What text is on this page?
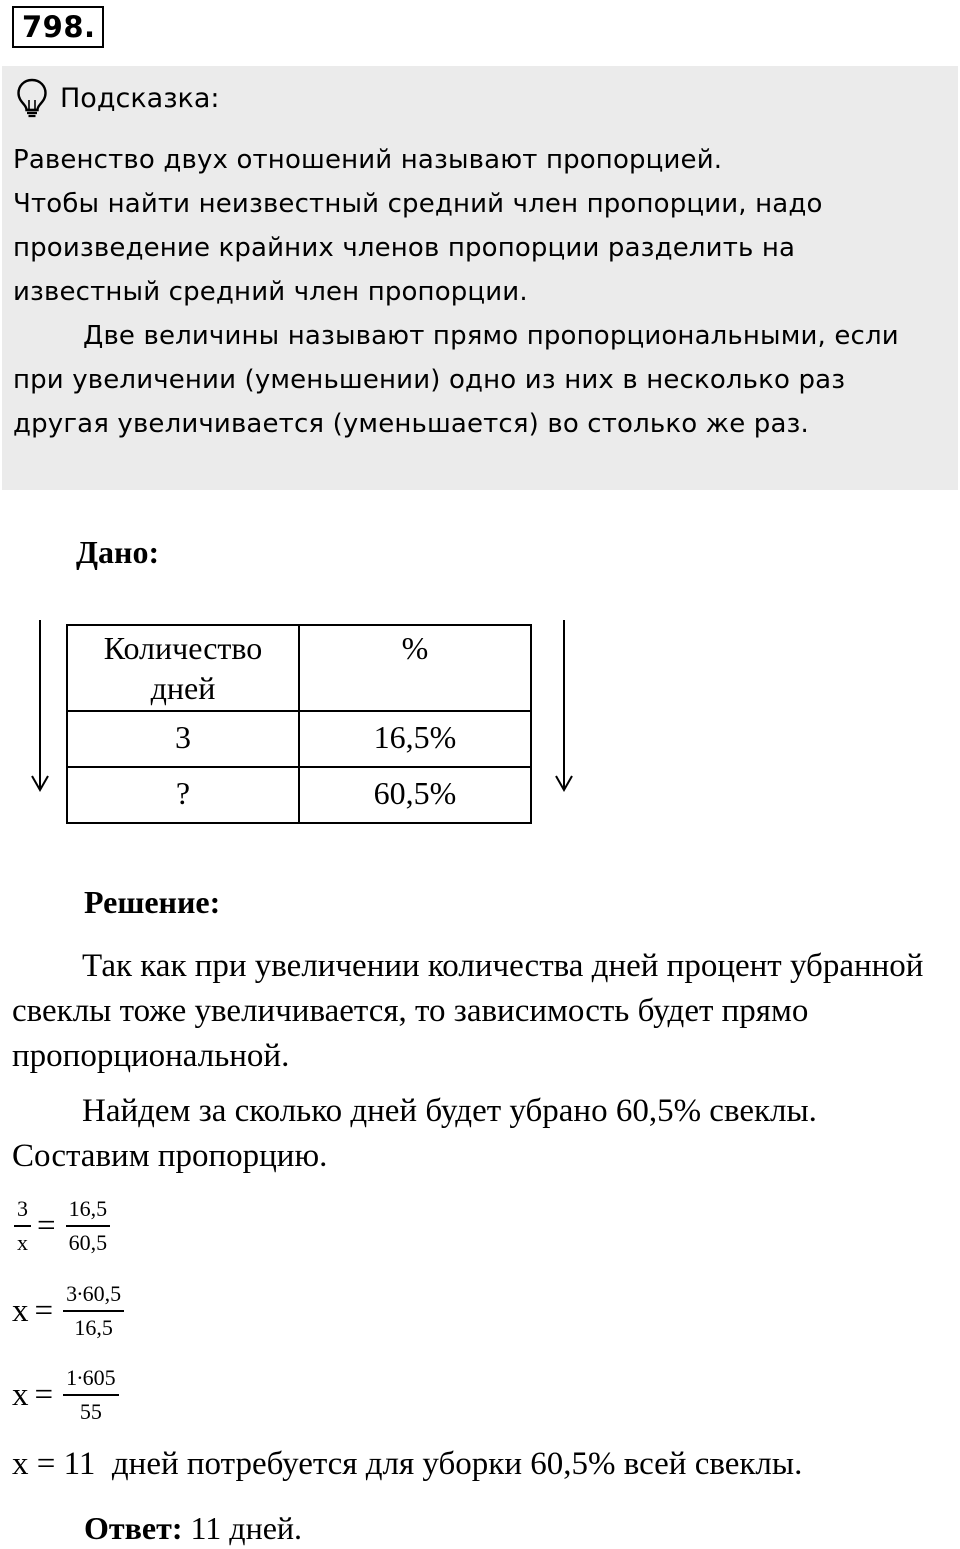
798.
Подсказка:

Равенство двух отношений называют пропорцией.

Чтобы найти неизвестный средний член пропорции, надо произведение крайних членов пропорции разделить на известный средний член пропорции.

Две величины называют прямо пропорциональными, если при увеличении (уменьшении) одно из них в несколько раз другая увеличивается (уменьшается) во столько же раз.

Дано:
Количество дней	%
3	16,5%
?	60,5%
Решение:

Так как при увеличении количества дней процент убранной свеклы тоже увеличивается, то зависимость будет прямо пропорциональной.

Найдем за сколько дней будет убрано 60,5% свеклы. Составим пропорцию.

$\frac{3}{x} = \frac{16,5}{60,5}$
$x = \frac{3\cdot 60,5}{16,5}$
$x = \frac{1\cdot 605}{55}$
x = 11 дней потребуется для уборки 60,5% всей свеклы.
Ответ: 11 дней.
